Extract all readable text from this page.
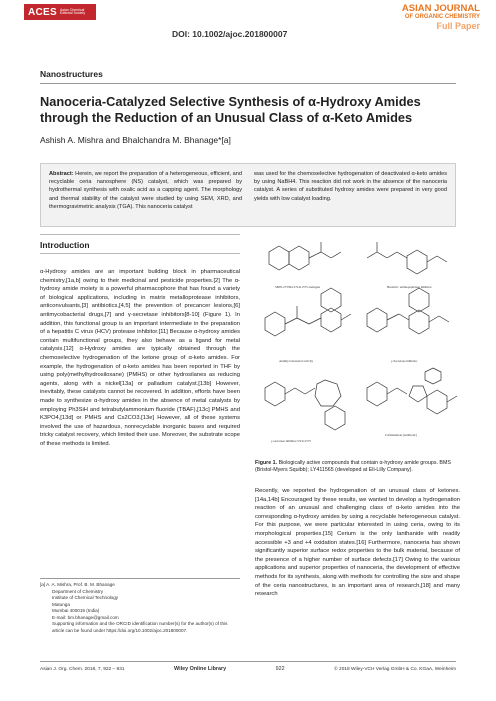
ACES Asian Chemical Editorial Society
DOI: 10.1002/ajoc.201800007
ASIAN JOURNAL
OF ORGANIC CHEMISTRY
Full Paper
Nanostructures
Nanoceria-Catalyzed Selective Synthesis of α-Hydroxy Amides through the Reduction of an Unusual Class of α-Keto Amides
Ashish A. Mishra and Bhalchandra M. Bhanage*[a]
Abstract: Herein, we report the preparation of a heterogeneous, efficient, and recyclable ceria nanosphere (NS) catalyst, which was prepared by hydrothermal synthesis with oxalic acid as a capping agent. The morphology and thermal stability of the catalyst were studied by using SEM, XRD, and thermogravimetric analysis (TGA). This nanoceria catalyst
was used for the chemoselective hydrogenation of deactivated α-keto amides by using NaBH4. This reaction did not work in the absence of the nanoceria catalyst. A series of substituted hydroxy amides were prepared in very good yields with low catalyst loading.
Introduction

α-Hydroxy amides are an important building block in pharmaceutical chemistry,[1a,b] owing to their medicinal and pesticide properties.[2] The α-hydroxy amide moiety is a powerful pharmacophore that has found a variety of biological applications, including in matrix metalloprotease inhibitors, anticonvulsants,[3] antibiotics,[4,5] the prevention of precancer lesions,[6] antimycobacterial drugs,[7] and γ-secretase inhibitors[8-10] (Figure 1). In addition, this functional group is an important intermediate in the preparation of a hepatitis C virus (HCV) protease inhibitor.[11] Because α-hydroxy amides contain multifunctional groups, they also behave as a ligand for metal catalysis.[12] α-Hydroxy amides are typically obtained through the chemoselective hydrogenation of the ketone group of α-keto amides. For example, the hydrogenation of α-keto amides has been reported in THF by using poly(methylhydrosiloxane) (PMHS) or other hydrosilanes as reducing agents, along with a nickel[13a] or palladium catalyst.[13b] However, inevitably, these catalysts cannot be recovered. In addition, efforts have been made to synthesize α-hydroxy amides in the absence of metal catalysts by employing Ph3SiH and tetrabutylammonium fluoride (TBAF),[13c] PMHS and K3PO4,[13d] or PMHS and Cs2CO3.[13e] However, all of these systems involved the use of hazardous, nonrecyclable inorganic bases and required tricky catalyst recovery, which limited their use. Moreover, the substrate scope of these methods is limited.

[a] A. A. Mishra, Prof. B. M. Bhanage
Department of Chemistry
Institute of Chemical Technology
Matunga
Mumbai 400019 (India)
E-mail: bm.bhanage@gmail.com
Supporting information and the ORCID identification number(s) for the author(s) of this article can be found under https://doi.org/10.1002/ajoc.201800007.
SB05-275394 /LY411575 analogue	Bestatin / aminopeptidase inhibitor
Antimycobacterial activity	γ-Secretase inhibitor
γ-secretase inhibitor LY411575
Cefamandole (antibiotic)
Figure 1. Biologically active compounds that contain α-hydroxy amide groups. BMS (Bristol-Myers Squibb); LY411565 (developed at Eli-Lilly Company).
Recently, we reported the hydrogenation of an unusual class of ketones.[14a,14b] Encouraged by these results, we wanted to develop a hydrogenation reaction of an unusual and challenging class of α-keto amides into the corresponding α-hydroxy amides by using a recyclable heterogeneous catalyst. For this purpose, we were particular interested in using ceria, owing to its morphological properties.[15] Cerium is the only lanthanide with readily accessible +3 and +4 oxidation states.[16] Furthermore, nanoceria has shown significantly superior surface redox properties to the bulk material, because of the presence of a higher number of surface defects.[17] Owing to the various applications and superior properties of nanoceria, the development of effective methods for its synthesis, along with methods for controlling the size and shape of the ceria nanostructures, is an important area of research,[18] and many research
Asian J. Org. Chem. 2018, 7, 922 – 931	Wiley Online Library	922	© 2018 Wiley-VCH Verlag GmbH & Co. KGaA, Weinheim
